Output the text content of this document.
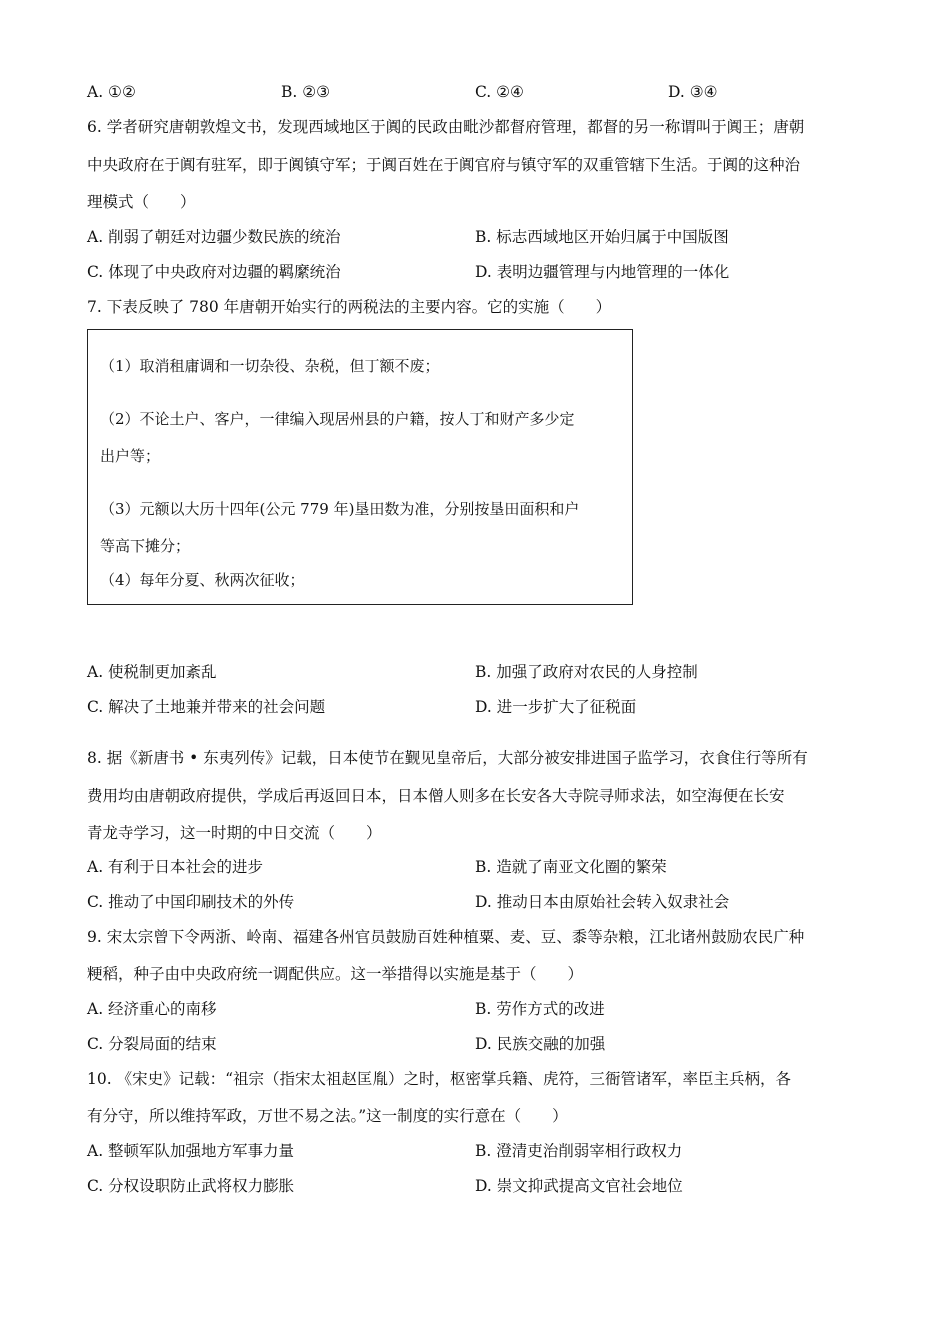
A. ①②	B. ②③	C. ②④	D. ③④
6. 学者研究唐朝敦煌文书，发现西域地区于阗的民政由毗沙都督府管理，都督的另一称谓叫于阗王；唐朝
中央政府在于阗有驻军，即于阗镇守军；于阗百姓在于阗官府与镇守军的双重管辖下生活。于阗的这种治
理模式（　　）
A. 削弱了朝廷对边疆少数民族的统治	B. 标志西域地区开始归属于中国版图
C. 体现了中央政府对边疆的羁縻统治	D. 表明边疆管理与内地管理的一体化
7. 下表反映了 780 年唐朝开始实行的两税法的主要内容。它的实施（　　）
（1）取消租庸调和一切杂役、杂税，但丁额不废；
（2）不论土户、客户，一律编入现居州县的户籍，按人丁和财产多少定
出户等；
（3）元额以大历十四年(公元 779 年)垦田数为准，分别按垦田面积和户
等高下摊分；
（4）每年分夏、秋两次征收；
A. 使税制更加紊乱	B. 加强了政府对农民的人身控制
C. 解决了土地兼并带来的社会问题	D. 进一步扩大了征税面
8. 据《新唐书 • 东夷列传》记载，日本使节在觐见皇帝后，大部分被安排进国子监学习，衣食住行等所有
费用均由唐朝政府提供，学成后再返回日本，日本僧人则多在长安各大寺院寻师求法，如空海便在长安
青龙寺学习，这一时期的中日交流（　　）
A. 有利于日本社会的进步	B. 造就了南亚文化圈的繁荣
C. 推动了中国印刷技术的外传	D. 推动日本由原始社会转入奴隶社会
9. 宋太宗曾下令两浙、岭南、福建各州官员鼓励百姓种植粟、麦、豆、黍等杂粮，江北诸州鼓励农民广种
粳稻，种子由中央政府统一调配供应。这一举措得以实施是基于（　　）
A. 经济重心的南移	B. 劳作方式的改进
C. 分裂局面的结束	D. 民族交融的加强
10. 《宋史》记载：“祖宗（指宋太祖赵匡胤）之时，枢密掌兵籍、虎符，三衙管诸军，率臣主兵柄，各
有分守，所以维持军政，万世不易之法。”这一制度的实行意在（　　）
A. 整顿军队加强地方军事力量	B. 澄清吏治削弱宰相行政权力
C. 分权设职防止武将权力膨胀	D. 崇文抑武提高文官社会地位
